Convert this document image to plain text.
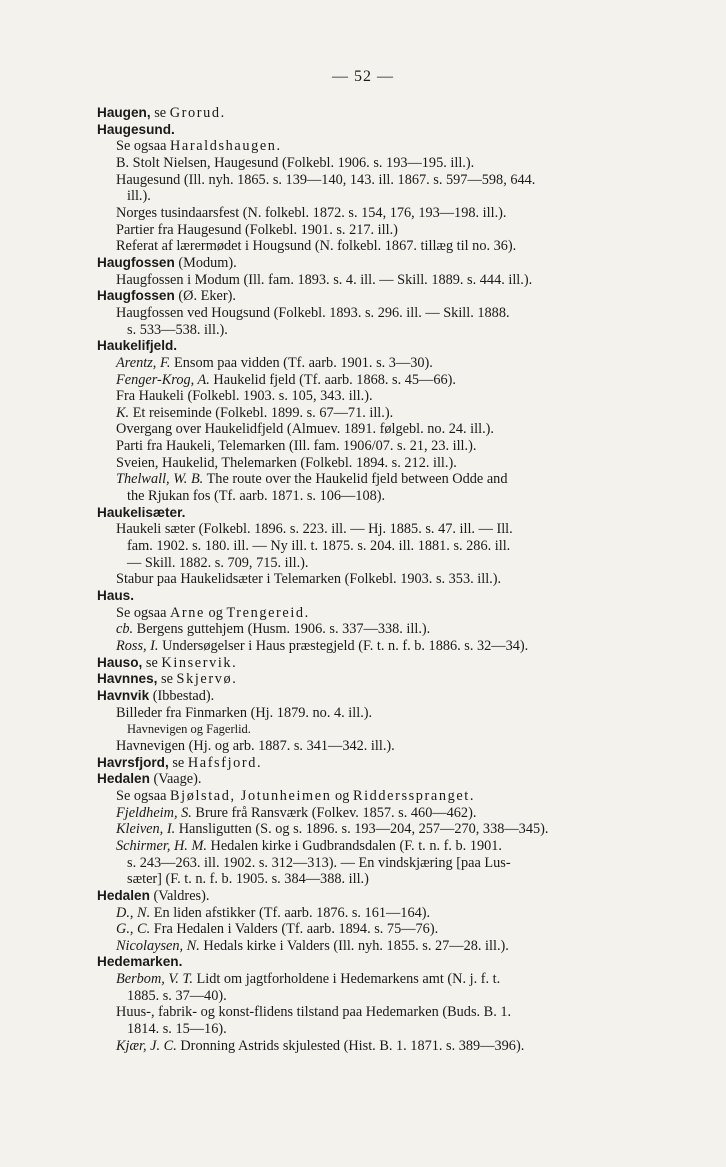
— 52 —
Haugen, se Grorud.
Haugesund.
Se ogsaa Haraldshaugen.
B. Stolt Nielsen, Haugesund (Folkebl. 1906. s. 193—195. ill.).
Haugesund (Ill. nyh. 1865. s. 139—140, 143. ill. 1867. s. 597—598, 644.
ill.).
Norges tusindaarsfest (N. folkebl. 1872. s. 154, 176, 193—198. ill.).
Partier fra Haugesund (Folkebl. 1901. s. 217. ill.)
Referat af lærermødet i Hougsund (N. folkebl. 1867. tillæg til no. 36).
Haugfossen (Modum).
Haugfossen i Modum (Ill. fam. 1893. s. 4. ill. — Skill. 1889. s. 444. ill.).
Haugfossen (Ø. Eker).
Haugfossen ved Hougsund (Folkebl. 1893. s. 296. ill. — Skill. 1888.
s. 533—538. ill.).
Haukelifjeld.
Arentz, F. Ensom paa vidden (Tf. aarb. 1901. s. 3—30).
Fenger-Krog, A. Haukelid fjeld (Tf. aarb. 1868. s. 45—66).
Fra Haukeli (Folkebl. 1903. s. 105, 343. ill.).
K. Et reiseminde (Folkebl. 1899. s. 67—71. ill.).
Overgang over Haukelidfjeld (Almuev. 1891. følgebl. no. 24. ill.).
Parti fra Haukeli, Telemarken (Ill. fam. 1906/07. s. 21, 23. ill.).
Sveien, Haukelid, Thelemarken (Folkebl. 1894. s. 212. ill.).
Thelwall, W. B. The route over the Haukelid fjeld between Odde and
the Rjukan fos (Tf. aarb. 1871. s. 106—108).
Haukelisæter.
Haukeli sæter (Folkebl. 1896. s. 223. ill. — Hj. 1885. s. 47. ill. — Ill.
fam. 1902. s. 180. ill. — Ny ill. t. 1875. s. 204. ill. 1881. s. 286. ill.
— Skill. 1882. s. 709, 715. ill.).
Stabur paa Haukelidsæter i Telemarken (Folkebl. 1903. s. 353. ill.).
Haus.
Se ogsaa Arne og Trengereid.
cb. Bergens guttehjem (Husm. 1906. s. 337—338. ill.).
Ross, I. Undersøgelser i Haus præstegjeld (F. t. n. f. b. 1886. s. 32—34).
Hauso, se Kinservik.
Havnnes, se Skjervø.
Havnvik (Ibbestad).
Billeder fra Finmarken (Hj. 1879. no. 4. ill.).
Havnevigen og Fagerlid.
Havnevigen (Hj. og arb. 1887. s. 341—342. ill.).
Havrsfjord, se Hafsfjord.
Hedalen (Vaage).
Se ogsaa Bjølstad, Jotunheimen og Riddersspranget.
Fjeldheim, S. Brure frå Ransværk (Folkev. 1857. s. 460—462).
Kleiven, I. Hansligutten (S. og s. 1896. s. 193—204, 257—270, 338—345).
Schirmer, H. M. Hedalen kirke i Gudbrandsdalen (F. t. n. f. b. 1901.
s. 243—263. ill. 1902. s. 312—313). — En vindskjæring [paa Lus-
sæter] (F. t. n. f. b. 1905. s. 384—388. ill.)
Hedalen (Valdres).
D., N. En liden afstikker (Tf. aarb. 1876. s. 161—164).
G., C. Fra Hedalen i Valders (Tf. aarb. 1894. s. 75—76).
Nicolaysen, N. Hedals kirke i Valders (Ill. nyh. 1855. s. 27—28. ill.).
Hedemarken.
Berbom, V. T. Lidt om jagtforholdene i Hedemarkens amt (N. j. f. t.
1885. s. 37—40).
Huus-, fabrik- og konst-flidens tilstand paa Hedemarken (Buds. B. 1.
1814. s. 15—16).
Kjær, J. C. Dronning Astrids skjulested (Hist. B. 1. 1871. s. 389—396).
